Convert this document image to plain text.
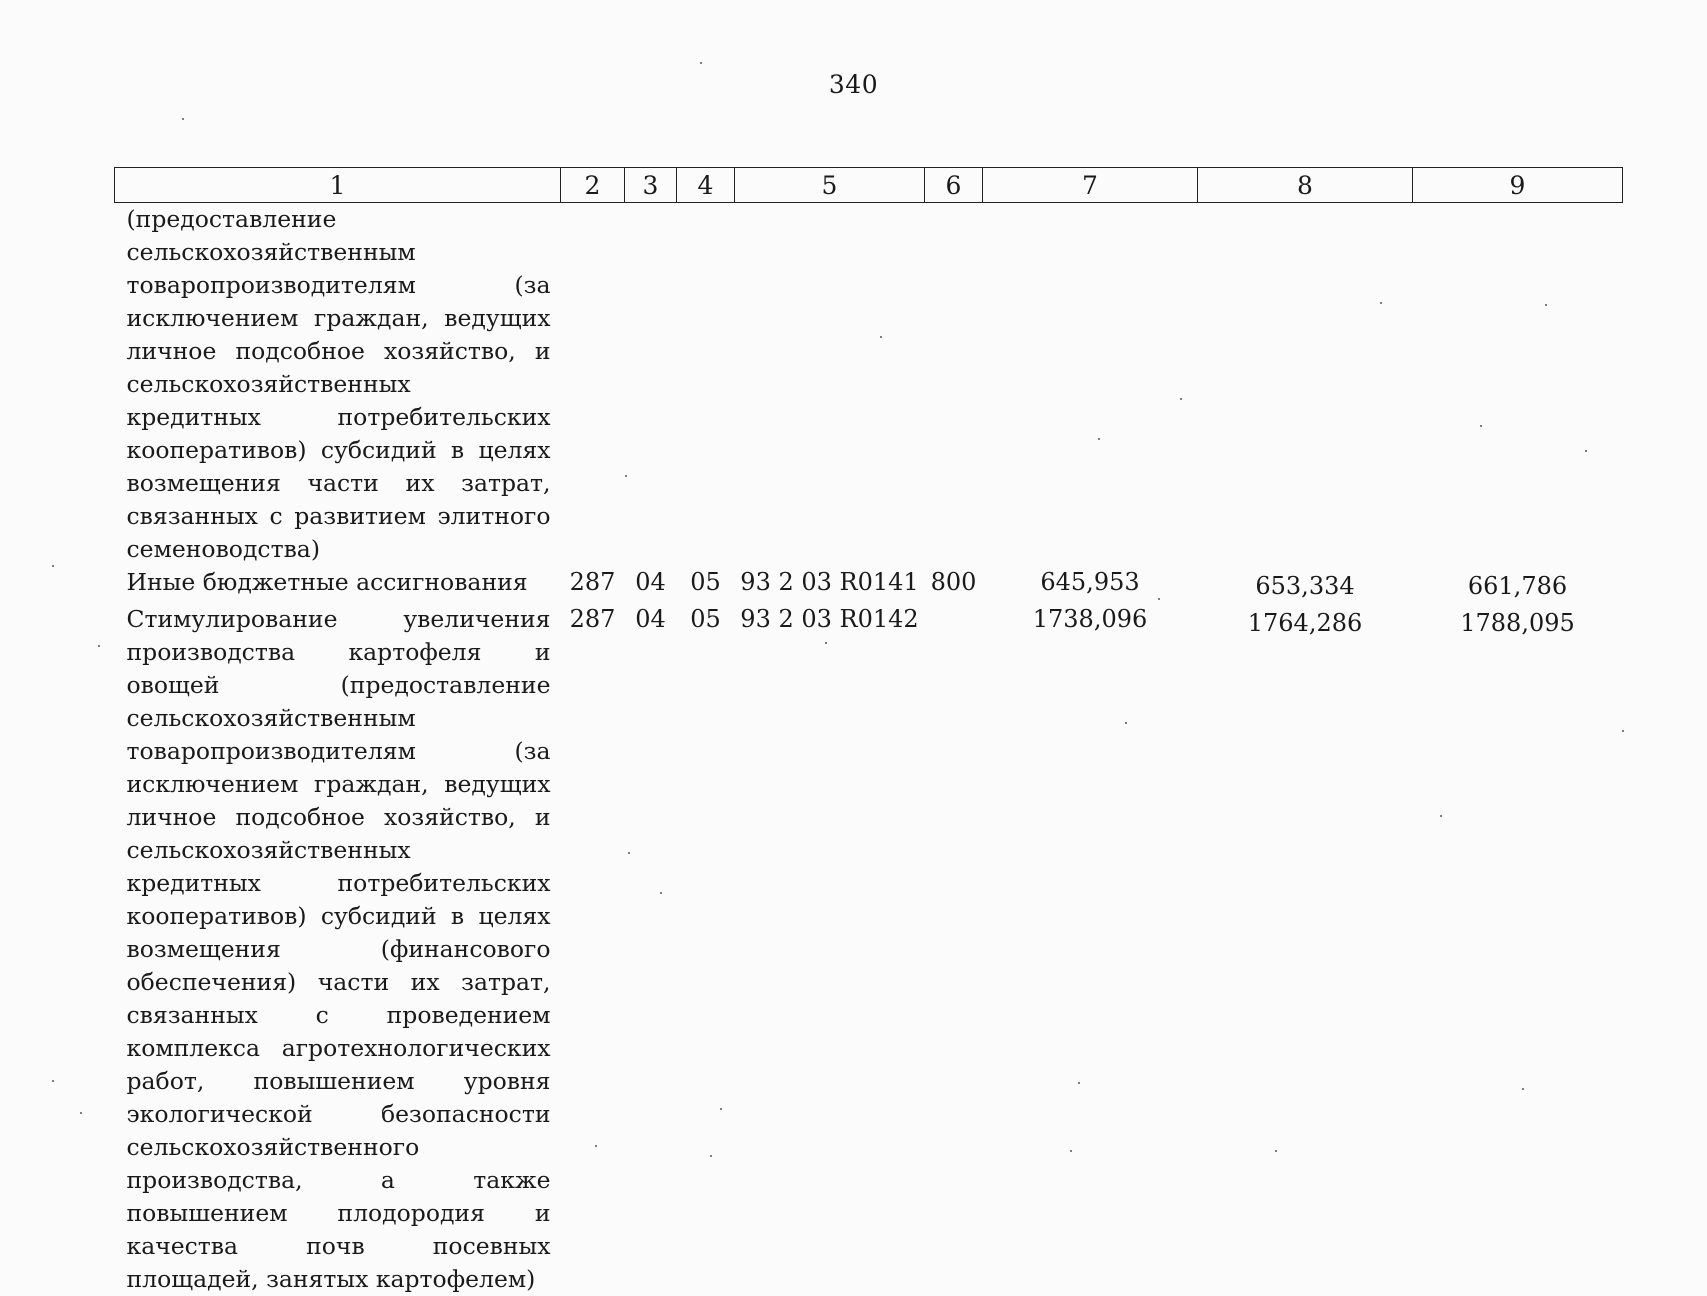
340
1	2	3	4	5	6	7	8	9
(предоставление сельскохозяйственным товаропроизводителям (за исключением граждан, ведущих личное подсобное хозяйство, и сельскохозяйственных кредитных потребительских кооперативов) субсидий в целях возмещения части их затрат, связанных с развитием элитного семеноводства)								
Иные бюджетные ассигнования	287	04	05	93 2 03 R0141	800	645,953	653,334	661,786
Стимулирование увеличения производства картофеля и овощей (предоставление сельскохозяйственным товаропроизводителям (за исключением граждан, ведущих личное подсобное хозяйство, и сельскохозяйственных кредитных потребительских кооперативов) субсидий в целях возмещения (финансового обеспечения) части их затрат, связанных с проведением комплекса агротехнологических работ, повышением уровня экологической безопасности сельскохозяйственного производства, а также повышением плодородия и качества почв посевных площадей, занятых картофелем)	287	04	05	93 2 03 R0142		1738,096	1764,286	1788,095
